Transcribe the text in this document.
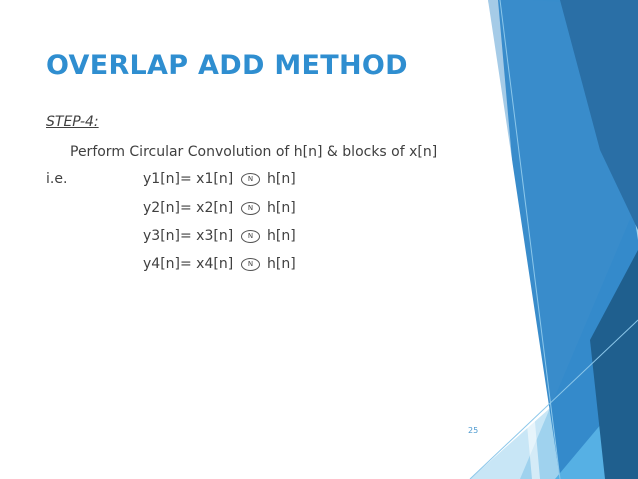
OVERLAP ADD METHOD
STEP-4:
Perform Circular Convolution of h[n] & blocks of x[n]
i.e.	y1[n]= x1[n]	N h[n]
y2[n]= x2[n]	N h[n]
y3[n]= x3[n]	N h[n]
y4[n]= x4[n]	N h[n]
25
